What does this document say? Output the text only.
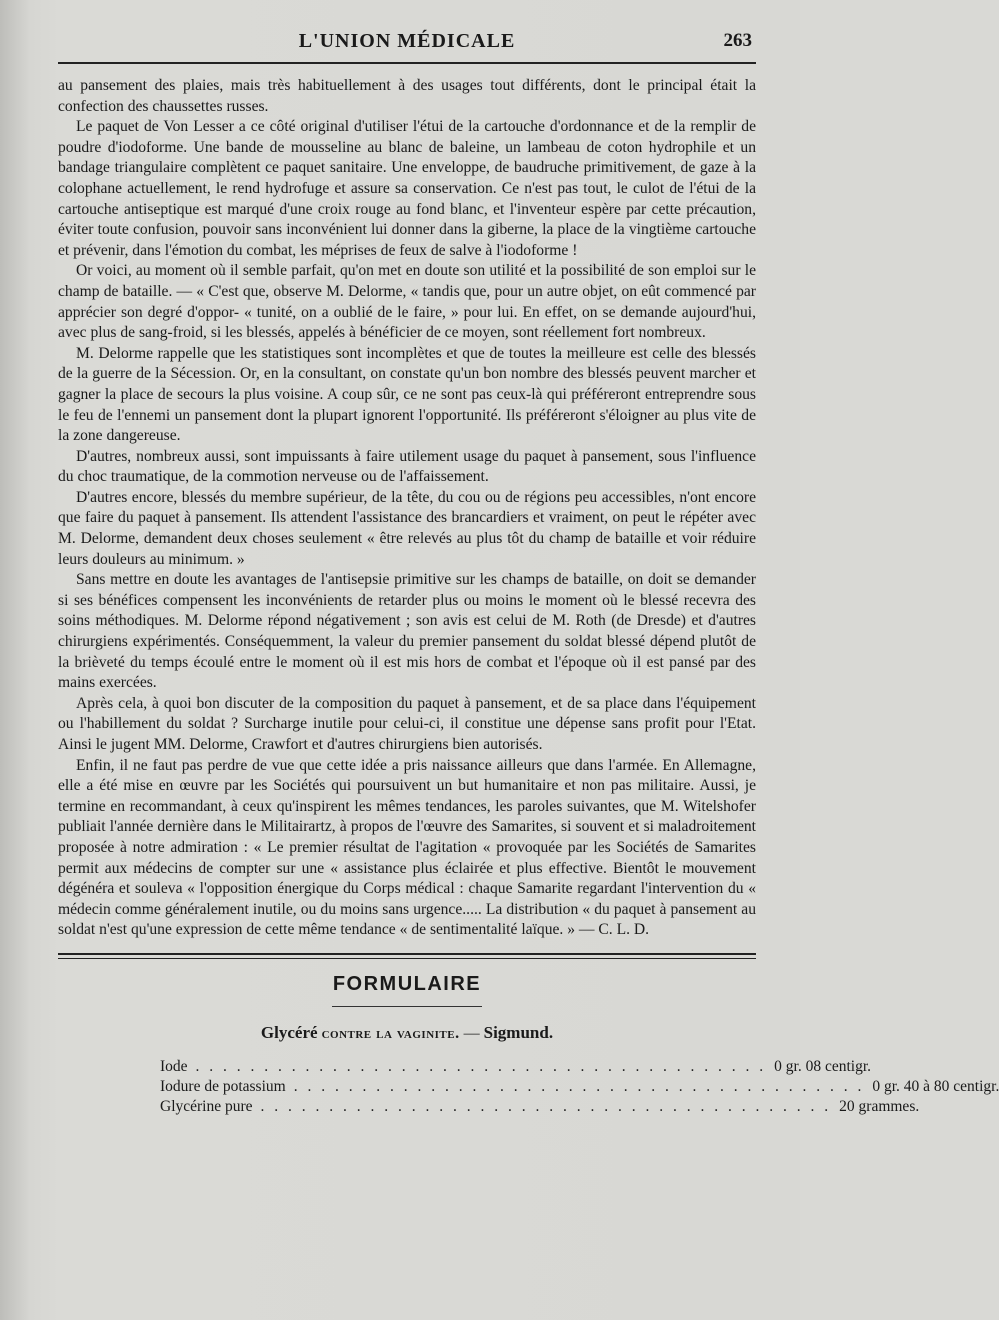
L'UNION MÉDICALE	263

au pansement des plaies, mais très habituellement à des usages tout différents, dont le principal était la confection des chaussettes russes.

Le paquet de Von Lesser a ce côté original d'utiliser l'étui de la cartouche d'ordonnance et de la remplir de poudre d'iodoforme. Une bande de mousseline au blanc de baleine, un lambeau de coton hydrophile et un bandage triangulaire complètent ce paquet sanitaire. Une enveloppe, de baudruche primitivement, de gaze à la colophane actuellement, le rend hydrofuge et assure sa conservation. Ce n'est pas tout, le culot de l'étui de la cartouche antiseptique est marqué d'une croix rouge au fond blanc, et l'inventeur espère par cette précaution, éviter toute confusion, pouvoir sans inconvénient lui donner dans la giberne, la place de la vingtième cartouche et prévenir, dans l'émotion du combat, les méprises de feux de salve à l'iodoforme !

Or voici, au moment où il semble parfait, qu'on met en doute son utilité et la possibilité de son emploi sur le champ de bataille. — « C'est que, observe M. Delorme, « tandis que, pour un autre objet, on eût commencé par apprécier son degré d'oppor- « tunité, on a oublié de le faire, » pour lui. En effet, on se demande aujourd'hui, avec plus de sang-froid, si les blessés, appelés à bénéficier de ce moyen, sont réellement fort nombreux.

M. Delorme rappelle que les statistiques sont incomplètes et que de toutes la meilleure est celle des blessés de la guerre de la Sécession. Or, en la consultant, on constate qu'un bon nombre des blessés peuvent marcher et gagner la place de secours la plus voisine. A coup sûr, ce ne sont pas ceux-là qui préféreront entreprendre sous le feu de l'ennemi un pansement dont la plupart ignorent l'opportunité. Ils préféreront s'éloigner au plus vite de la zone dangereuse.

D'autres, nombreux aussi, sont impuissants à faire utilement usage du paquet à pansement, sous l'influence du choc traumatique, de la commotion nerveuse ou de l'affaissement.

D'autres encore, blessés du membre supérieur, de la tête, du cou ou de régions peu accessibles, n'ont encore que faire du paquet à pansement. Ils attendent l'assistance des brancardiers et vraiment, on peut le répéter avec M. Delorme, demandent deux choses seulement « être relevés au plus tôt du champ de bataille et voir réduire leurs douleurs au minimum. »

Sans mettre en doute les avantages de l'antisepsie primitive sur les champs de bataille, on doit se demander si ses bénéfices compensent les inconvénients de retarder plus ou moins le moment où le blessé recevra des soins méthodiques. M. Delorme répond négativement ; son avis est celui de M. Roth (de Dresde) et d'autres chirurgiens expérimentés. Conséquemment, la valeur du premier pansement du soldat blessé dépend plutôt de la brièveté du temps écoulé entre le moment où il est mis hors de combat et l'époque où il est pansé par des mains exercées.

Après cela, à quoi bon discuter de la composition du paquet à pansement, et de sa place dans l'équipement ou l'habillement du soldat ? Surcharge inutile pour celui-ci, il constitue une dépense sans profit pour l'Etat. Ainsi le jugent MM. Delorme, Crawfort et d'autres chirurgiens bien autorisés.

Enfin, il ne faut pas perdre de vue que cette idée a pris naissance ailleurs que dans l'armée. En Allemagne, elle a été mise en œuvre par les Sociétés qui poursuivent un but humanitaire et non pas militaire. Aussi, je termine en recommandant, à ceux qu'inspirent les mêmes tendances, les paroles suivantes, que M. Witelshofer publiait l'année dernière dans le Militairartz, à propos de l'œuvre des Samarites, si souvent et si maladroitement proposée à notre admiration : « Le premier résultat de l'agitation « provoquée par les Sociétés de Samarites permit aux médecins de compter sur une « assistance plus éclairée et plus effective. Bientôt le mouvement dégénéra et souleva « l'opposition énergique du Corps médical : chaque Samarite regardant l'intervention du « médecin comme généralement inutile, ou du moins sans urgence..... La distribution « du paquet à pansement au soldat n'est qu'une expression de cette même tendance « de sentimentalité laïque. » — C. L. D.

FORMULAIRE
Glycéré contre la vaginite. — Sigmund.
Iode . . . . . . . . . . . . . . . . . . . . . . . . . . . . . . . . . . . . . . . . . . 0 gr. 08 centigr.
Iodure de potassium . . . . . . . . . . . . . . . . . . . . . . . . . . . . . . . . . . . . . . . . . . 0 gr. 40 à 80 centigr.
Glycérine pure . . . . . . . . . . . . . . . . . . . . . . . . . . . . . . . . . . . . . . . . . . 20 grammes.
